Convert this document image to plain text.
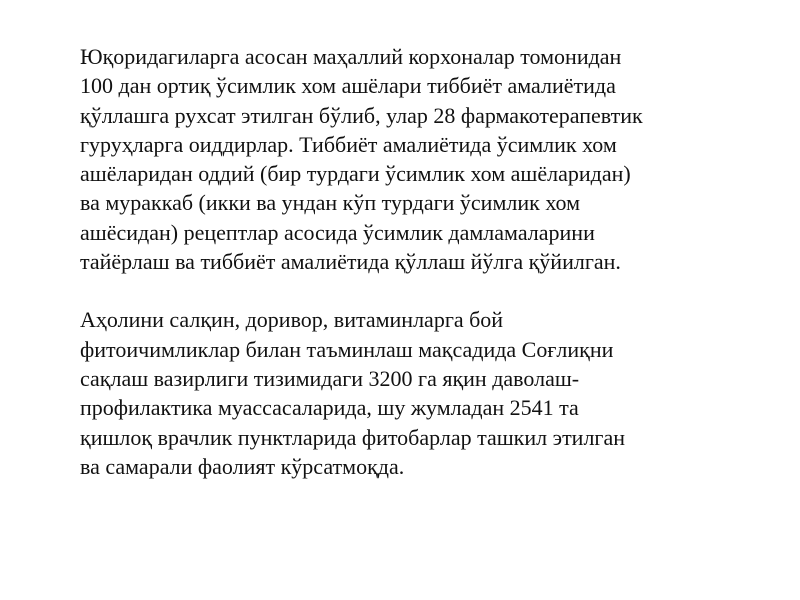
Юқоридагиларга асосан маҳаллий корхоналар томонидан
100 дан ортиқ ўсимлик хом ашёлари тиббиёт амалиётида
қўллашга рухсат этилган бўлиб, улар 28 фармакотерапевтик
гуруҳларга оиддирлар. Тиббиёт амалиётида ўсимлик хом
ашёларидан оддий (бир турдаги ўсимлик хом ашёларидан)
ва мураккаб (икки ва ундан кўп турдаги ўсимлик хом
ашёсидан) рецептлар асосида ўсимлик дамламаларини
тайёрлаш ва тиббиёт амалиётида қўллаш йўлга қўйилган.

Аҳолини салқин, доривор, витаминларга бой
фитоичимликлар билан таъминлаш мақсадида Соғлиқни
сақлаш вазирлиги тизимидаги 3200 га яқин даволаш-
профилактика муассасаларида, шу жумладан 2541 та
қишлоқ врачлик пунктларида фитобарлар ташкил этилган
ва самарали фаолият кўрсатмоқда.
